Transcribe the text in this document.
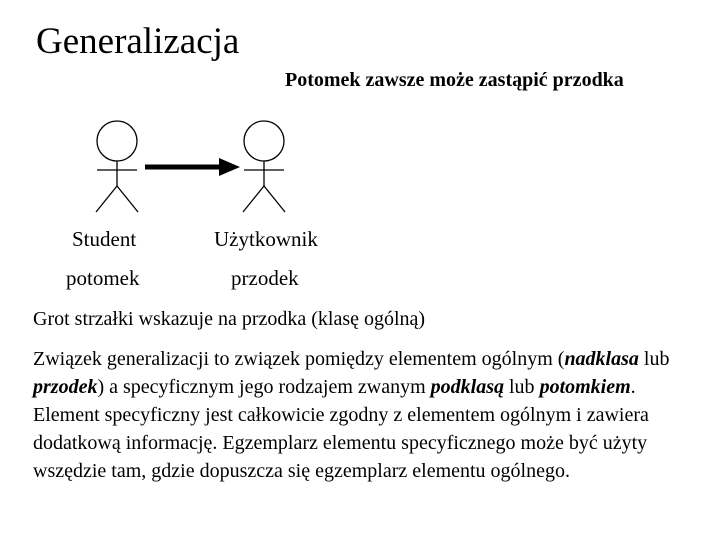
Generalizacja
Potomek zawsze może zastąpić przodka
Student	Użytkownik
potomek	przodek
Grot strzałki wskazuje na przodka (klasę ogólną)
Związek generalizacji to związek pomiędzy elementem ogólnym (nadklasa lub przodek) a specyficznym jego rodzajem zwanym podklasą lub potomkiem. Element specyficzny jest całkowicie zgodny z elementem ogólnym i zawiera dodatkową informację. Egzemplarz elementu specyficznego może być użyty wszędzie tam, gdzie dopuszcza się egzemplarz elementu ogólnego.
